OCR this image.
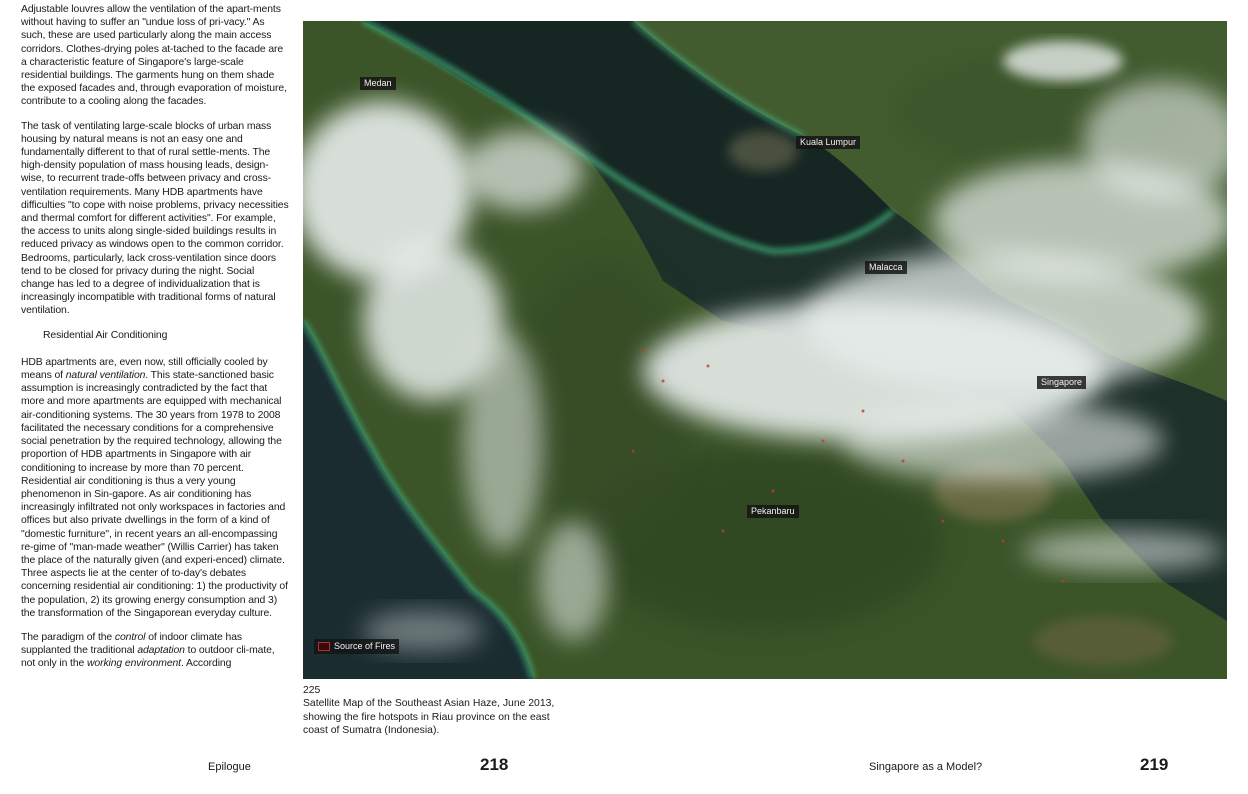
Adjustable louvres allow the ventilation of the apart-ments without having to suffer an "undue loss of pri-vacy." As such, these are used particularly along the main access corridors. Clothes-drying poles at-tached to the facade are a characteristic feature of Singapore's large-scale residential buildings. The garments hung on them shade the exposed facades and, through evaporation of moisture, contribute to a cooling along the facades.

The task of ventilating large-scale blocks of urban mass housing by natural means is not an easy one and fundamentally different to that of rural settle-ments. The high-density population of mass housing leads, design-wise, to recurrent trade-offs between privacy and cross-ventilation requirements. Many HDB apartments have difficulties "to cope with noise problems, privacy necessities and thermal comfort for different activities". For example, the access to units along single-sided buildings results in reduced privacy as windows open to the common corridor. Bedrooms, particularly, lack cross-ventilation since doors tend to be closed for privacy during the night. Social change has led to a degree of individualization that is increasingly incompatible with traditional forms of natural ventilation.

Residential Air Conditioning

HDB apartments are, even now, still officially cooled by means of natural ventilation. This state-sanctioned basic assumption is increasingly contradicted by the fact that more and more apartments are equipped with mechanical air-conditioning systems. The 30 years from 1978 to 2008 facilitated the necessary conditions for a comprehensive social penetration by the required technology, allowing the proportion of HDB apartments in Singapore with air conditioning to increase by more than 70 percent. Residential air conditioning is thus a very young phenomenon in Sin-gapore. As air conditioning has increasingly infiltrated not only workspaces in factories and offices but also private dwellings in the form of a kind of "domestic furniture", in recent years an all-encompassing re-gime of "man-made weather" (Willis Carrier) has taken the place of the naturally given (and experi-enced) climate. Three aspects lie at the center of to-day's debates concerning residential air conditioning: 1) the productivity of the population, 2) its growing energy consumption and 3) the transformation of the Singaporean everyday culture.

The paradigm of the control of indoor climate has supplanted the traditional adaptation to outdoor cli-mate, not only in the working environment. According

Medan
Kuala Lumpur
Malacca
Singapore
Pekanbaru
Source of Fires
225
Satellite Map of the Southeast Asian Haze, June 2013, showing the fire hotspots in Riau province on the east coast of Sumatra (Indonesia).
Epilogue	218	Singapore as a Model?	219
